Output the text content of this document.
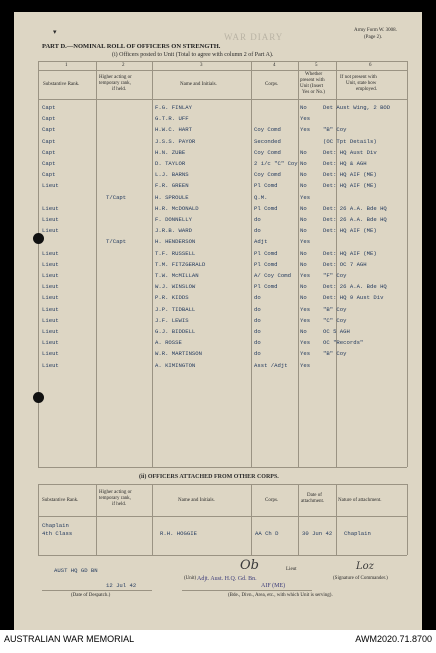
WAR DIARY
▾	Army Form W. 3008.
(Page 2).
PART D.—NOMINAL ROLL OF OFFICERS ON STRENGTH.
(i) Officers posted to Unit (Total to agree with column 2 of Part A).
1	2	3	4	5	6
Substantive Rank.
Higher acting or
temporary rank,
if held.
Name and Initials.	Corps.
Whether
present with
Unit (Insert
Yes or No.)
If not present with
Unit, state how
employed.
Capt	F.G. FINLAY	No	Det Aust Wing, 2 BOD
Capt	G.T.R. UFF	Yes
Capt	H.W.C. HART	Coy Comd	Yes "B" Coy
Capt	J.S.S. PAYOR	Seconded	(OC Tpt Details)
Capt	H.N. ZUBE	Coy Comd	No	Det: HQ Aust Div
Capt	D. TAYLOR	2 i/c "C" Coy No	Det: HQ & AGH
Capt	L.J. BARNS	Coy Comd	No	Det: HQ AIF (ME)
Lieut	F.R. GREEN	Pl Comd	No	Det: HQ AIF (ME)
T/Capt	H. SPROULE	Q.M.	Yes
Lieut	H.R. McDONALD	Pl Comd	No	Det: 26 A.A. Bde HQ
Lieut	F. DONNELLY	do	No	Det: 26 A.A. Bde HQ
Lieut	J.R.B. WARD	do	No	Det: HQ AIF (ME)
T/Capt	H. HENDERSON	Adjt	Yes
Lieut	T.F. RUSSELL	Pl Comd	No	Det: HQ AIF (ME)
Lieut	T.M. FITZGERALD	Pl Comd	No	Det: OC 7 AGH
Lieut	T.W. McMILLAN	A/ Coy Comd Yes "F" Coy
Lieut	W.J. WINSLOW	Pl Comd	No	Det: 26 A.A. Bde HQ
Lieut	P.R. KIDDS	do	No	Det: HQ 9 Aust Div
Lieut	J.P. TIDBALL	do	Yes "B" Coy
Lieut	J.F. LEWIS	do	Yes "C" Coy
Lieut	G.J. BIDDELL	do	No	OC 5 AGH
Lieut	A. ROSSE	do	Yes OC "Records"
Lieut	W.R. MARTINSON	do	Yes "B" Coy
Lieut	A. KIMINGTON	Asst /Adjt Yes
(ii) OFFICERS ATTACHED FROM OTHER CORPS.
Substantive Rank.
Higher acting or
temporary rank,
if held.
Name and Initials.	Corps.
Date of
attachment.	Nature of attachment.
Chaplain
4th Class	R.H. HOGGIE	AA Ch D	30 Jun 42 Chaplain
AUST HQ GD BN
12 Jul 42
(Date of Despatch.)
Ob	Lieut
(Unit) Adjt. Aust. H.Q. Gd. Bn.
AIF (ME)
Loz
(Signature of Commander.)
(Bde., Divn., Area, etc., with which Unit is serving).
AUSTRALIAN WAR MEMORIAL	AWM2020.71.8700
